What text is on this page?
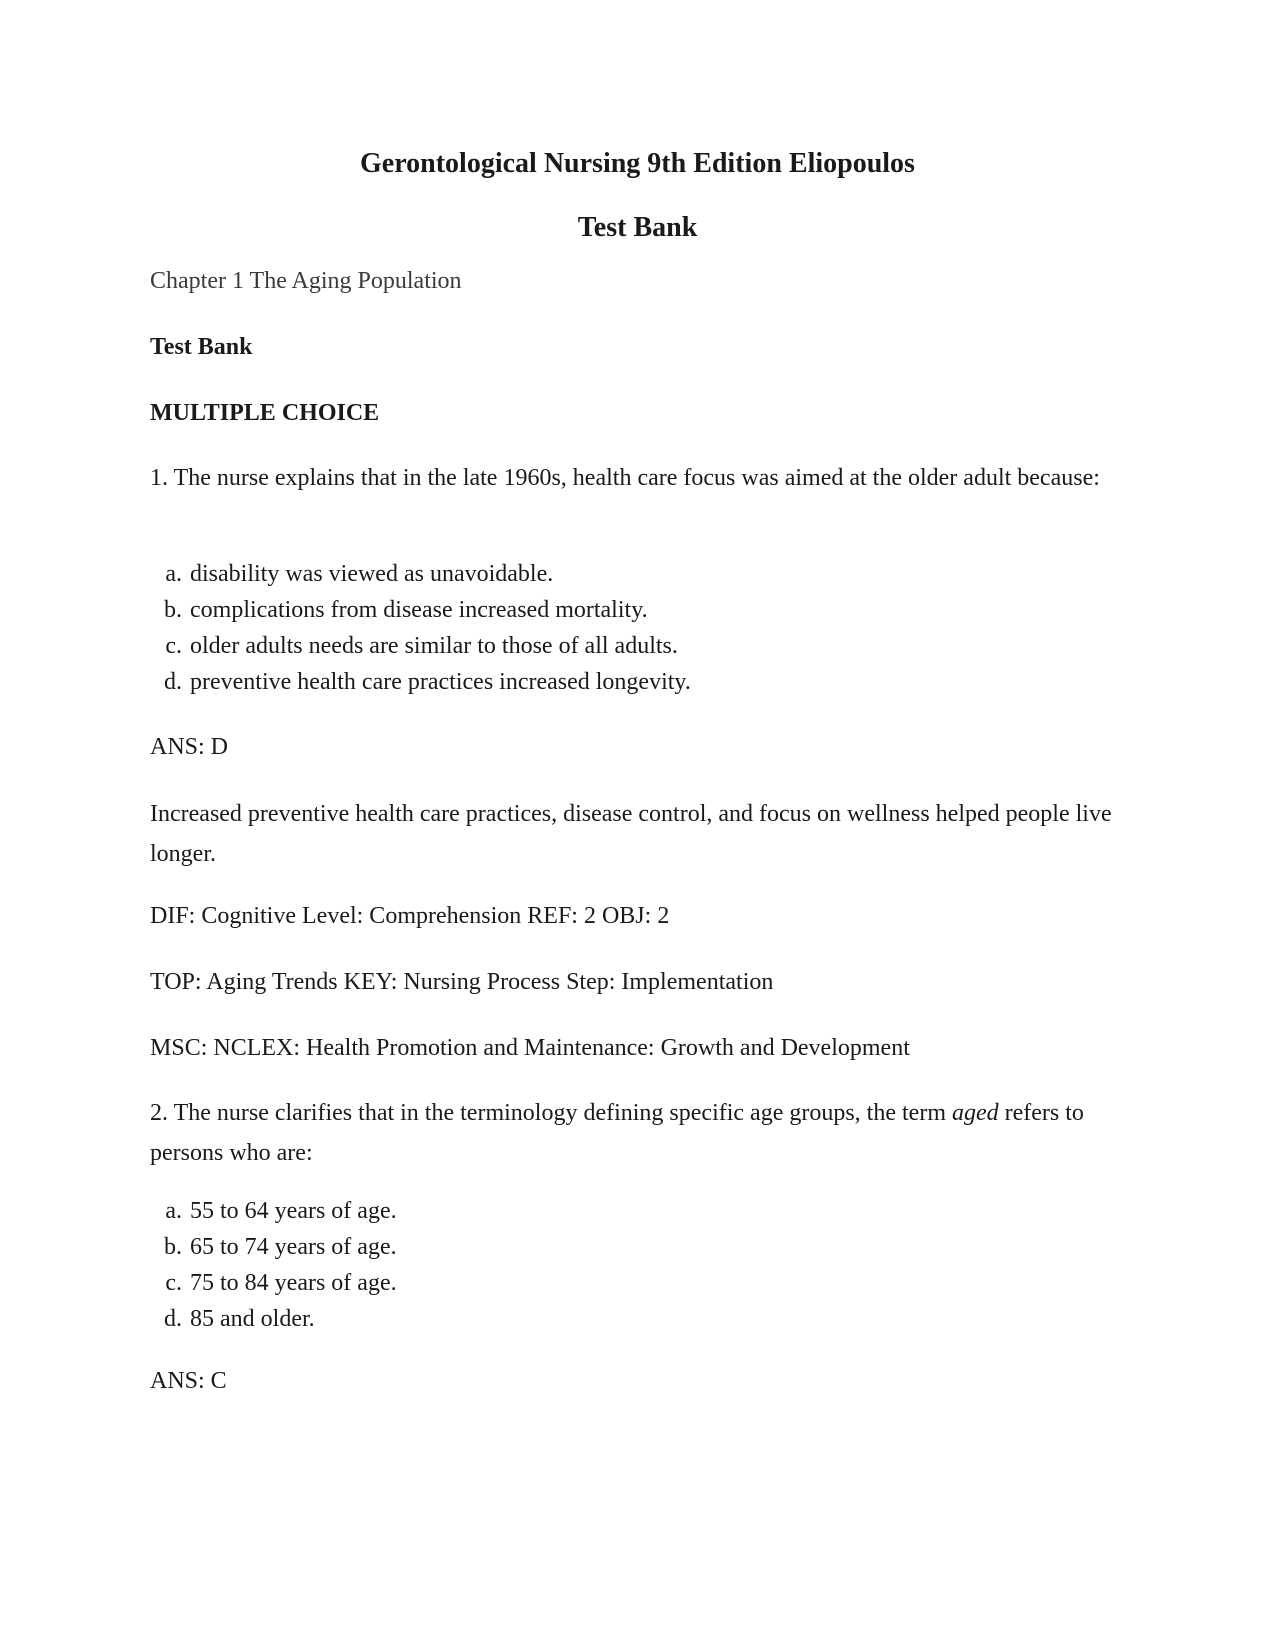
Gerontological Nursing 9th Edition Eliopoulos
Test Bank

Chapter 1 The Aging Population

Test Bank

MULTIPLE CHOICE

1. The nurse explains that in the late 1960s, health care focus was aimed at the older adult because:

a. disability was viewed as unavoidable.
b. complications from disease increased mortality.
c. older adults needs are similar to those of all adults.
d. preventive health care practices increased longevity.

ANS: D

Increased preventive health care practices, disease control, and focus on wellness helped people live longer.

DIF: Cognitive Level: Comprehension REF: 2 OBJ: 2

TOP: Aging Trends KEY: Nursing Process Step: Implementation

MSC: NCLEX: Health Promotion and Maintenance: Growth and Development

2. The nurse clarifies that in the terminology defining specific age groups, the term aged refers to persons who are:

a. 55 to 64 years of age.
b. 65 to 74 years of age.
c. 75 to 84 years of age.
d. 85 and older.

ANS: C
